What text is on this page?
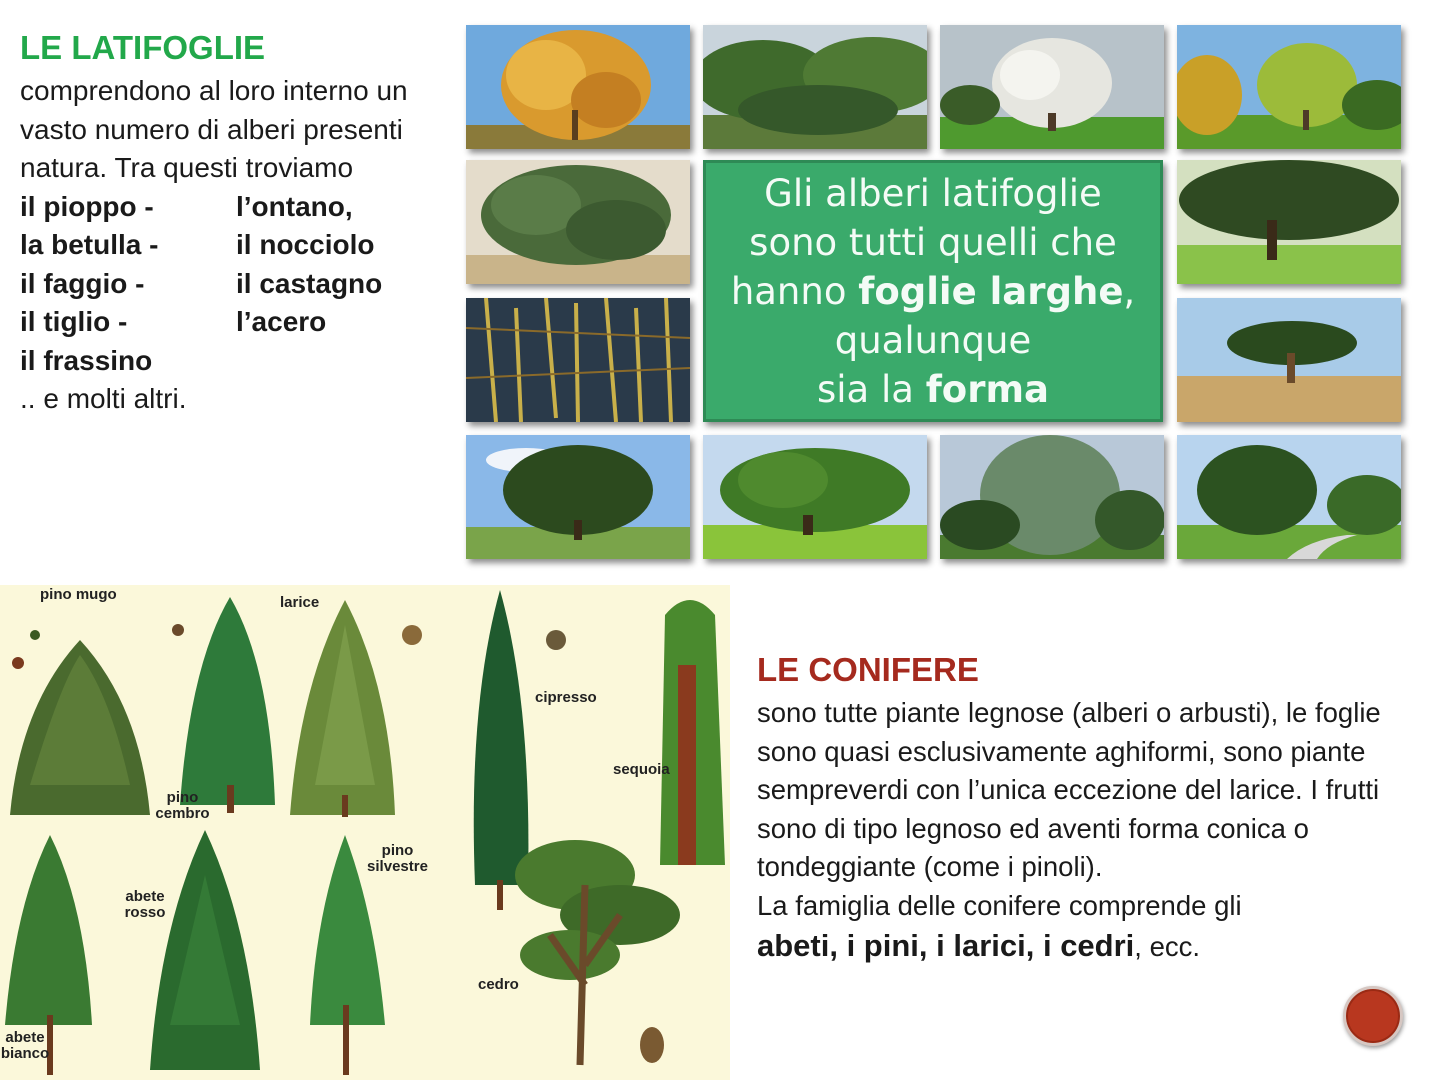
LE LATIFOGLIE

comprendono al loro interno un vasto numero di alberi presenti natura. Tra questi troviamo

il pioppo -	l’ontano,
la betulla -	il nocciolo
il faggio -	il castagno
il tiglio -	l’acero
il frassino
.. e molti altri.
Gli alberi latifoglie
sono tutti quelli che
hanno foglie larghe,
qualunque
sia la forma
pino mugo
pino cembro
larice
cipresso
sequoia
abete rosso
pino silvestre
cedro
abete bianco
LE CONIFERE

sono tutte piante legnose (alberi o arbusti), le foglie sono quasi esclusivamente aghiformi, sono piante sempreverdi con l’unica eccezione del larice. I frutti sono di tipo legnoso ed aventi forma conica o tondeggiante (come i pinoli).

La famiglia delle conifere comprende gli

abeti, i pini, i larici, i cedri, ecc.
